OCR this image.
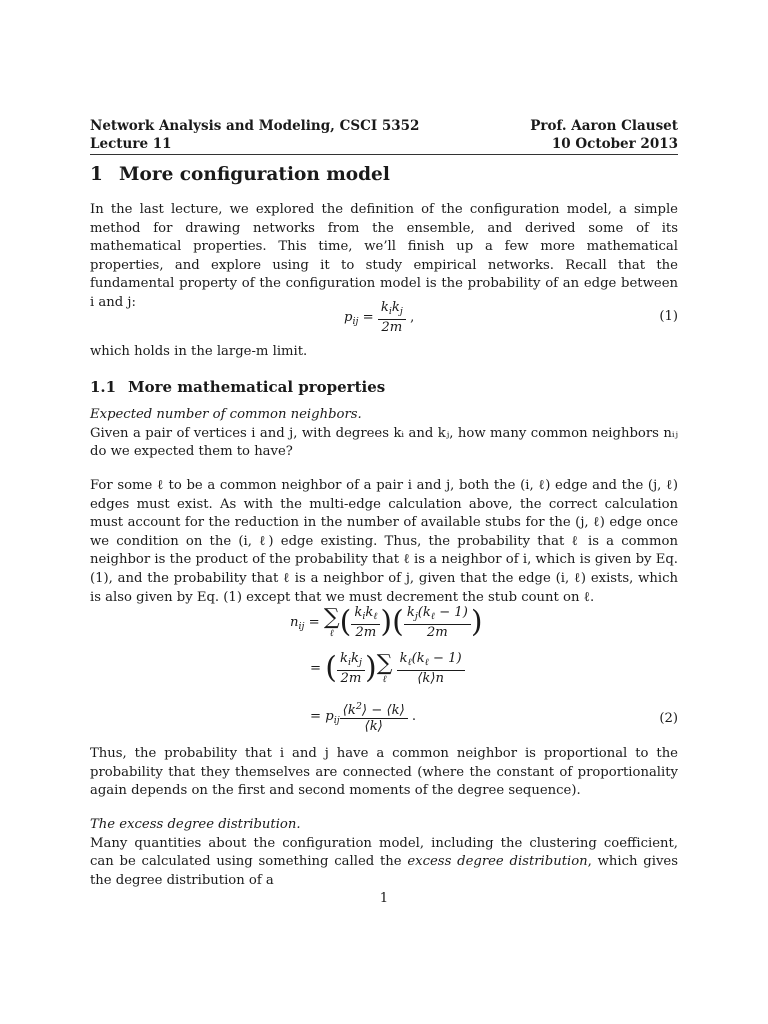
Network Analysis and Modeling, CSCI 5352	Prof. Aaron Clauset
Lecture 11	10 October 2013
1 More configuration model
In the last lecture, we explored the definition of the configuration model, a simple method for drawing networks from the ensemble, and derived some of its mathematical properties. This time, we’ll finish up a few more mathematical properties, and explore using it to study empirical networks. Recall that the fundamental property of the configuration model is the probability of an edge between i and j:
$p_{ij} = \frac{k_ik_j}{2m}$ ,	(1)
which holds in the large-m limit.
1.1 More mathematical properties
Expected number of common neighbors.
Given a pair of vertices i and j, with degrees kᵢ and kⱼ, how many common neighbors nᵢⱼ do we expected them to have?
For some ℓ to be a common neighbor of a pair i and j, both the (i, ℓ) edge and the (j, ℓ) edges must exist. As with the multi-edge calculation above, the correct calculation must account for the reduction in the number of available stubs for the (j, ℓ) edge once we condition on the (i, ℓ) edge existing. Thus, the probability that ℓ is a common neighbor is the product of the probability that ℓ is a neighbor of i, which is given by Eq. (1), and the probability that ℓ is a neighbor of j, given that the edge (i, ℓ) exists, which is also given by Eq. (1) except that we must decrement the stub count on ℓ.
$n_{ij}$ = ∑
ℓ ( $\frac{k_ik_\ell}{2m}$ )( $\frac{k_j(k_\ell - 1)}{2m}$ )
= ( $\frac{k_ik_j}{2m}$ ) ∑
ℓ
$\frac{k_\ell(k_\ell - 1)}{⟨k⟩n}$
= $p_{ij} \frac{⟨k^2⟩ - ⟨k⟩}{⟨k⟩}$ .	(2)
Thus, the probability that i and j have a common neighbor is proportional to the probability that they themselves are connected (where the constant of proportionality again depends on the first and second moments of the degree sequence).
The excess degree distribution.
Many quantities about the configuration model, including the clustering coefficient, can be calculated using something called the excess degree distribution, which gives the degree distribution of a
1
